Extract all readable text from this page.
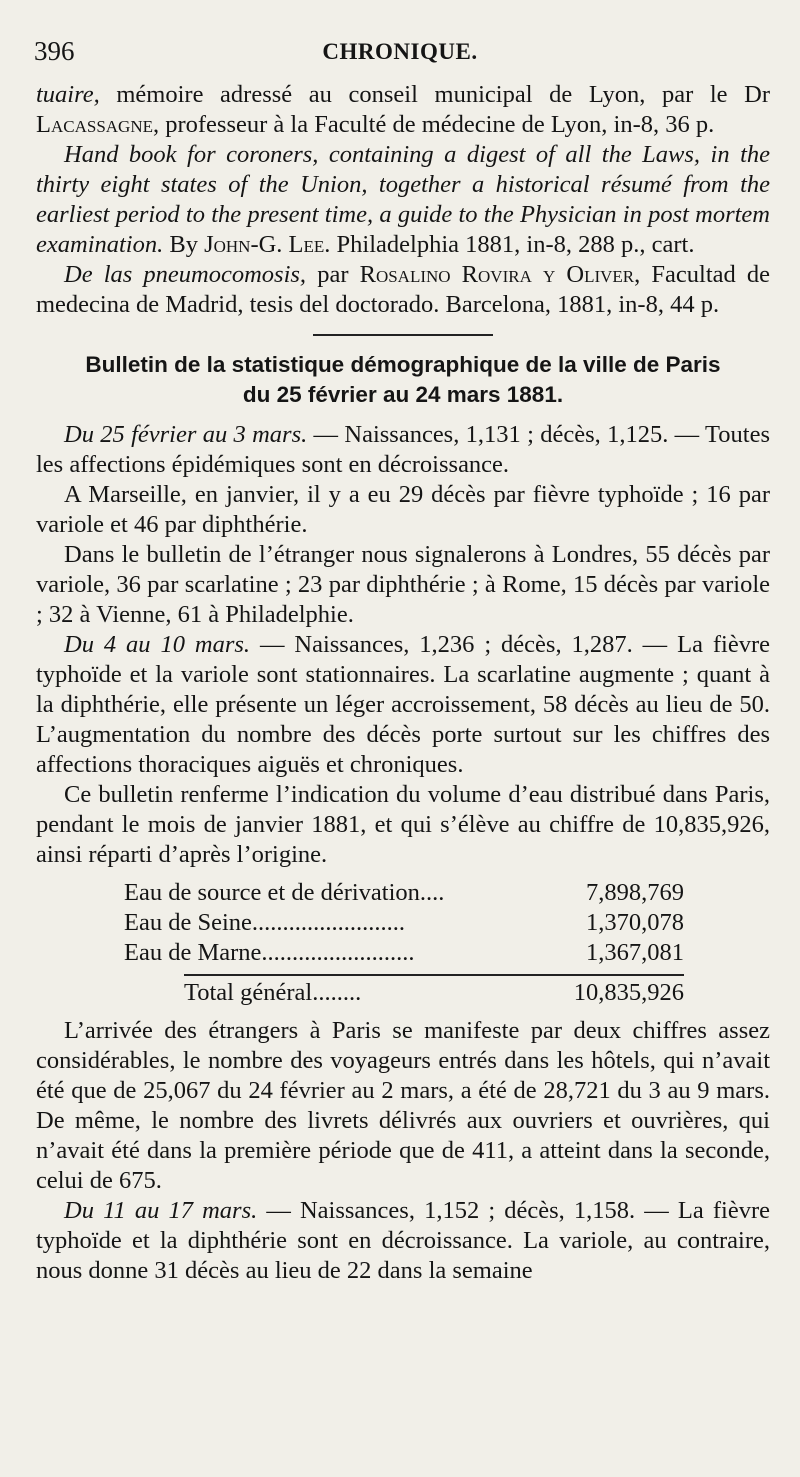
396	CHRONIQUE.

tuaire, mémoire adressé au conseil municipal de Lyon, par le Dr Lacassagne, professeur à la Faculté de médecine de Lyon, in-8, 36 p.

Hand book for coroners, containing a digest of all the Laws, in the thirty eight states of the Union, together a historical résumé from the earliest period to the present time, a guide to the Physician in post mortem examination. By John-G. Lee. Philadelphia 1881, in-8, 288 p., cart.

De las pneumocomosis, par Rosalino Rovira y Oliver, Facultad de medecina de Madrid, tesis del doctorado. Barcelona, 1881, in-8, 44 p.

Bulletin de la statistique démographique de la ville de Paris
du 25 février au 24 mars 1881.

Du 25 février au 3 mars. — Naissances, 1,131 ; décès, 1,125. — Toutes les affections épidémiques sont en décroissance.

A Marseille, en janvier, il y a eu 29 décès par fièvre typhoïde ; 16 par variole et 46 par diphthérie.

Dans le bulletin de l’étranger nous signalerons à Londres, 55 décès par variole, 36 par scarlatine ; 23 par diphthérie ; à Rome, 15 décès par variole ; 32 à Vienne, 61 à Philadelphie.

Du 4 au 10 mars. — Naissances, 1,236 ; décès, 1,287. — La fièvre typhoïde et la variole sont stationnaires. La scarlatine augmente ; quant à la diphthérie, elle présente un léger accroissement, 58 décès au lieu de 50. L’augmentation du nombre des décès porte surtout sur les chiffres des affections thoraciques aiguës et chroniques.

Ce bulletin renferme l’indication du volume d’eau distribué dans Paris, pendant le mois de janvier 1881, et qui s’élève au chiffre de 10,835,926, ainsi réparti d’après l’origine.

Eau de source et de dérivation....	7,898,769
Eau de Seine.........................	1,370,078
Eau de Marne.........................	1,367,081
Total général........	10,835,926

L’arrivée des étrangers à Paris se manifeste par deux chiffres assez considérables, le nombre des voyageurs entrés dans les hôtels, qui n’avait été que de 25,067 du 24 février au 2 mars, a été de 28,721 du 3 au 9 mars. De même, le nombre des livrets délivrés aux ouvriers et ouvrières, qui n’avait été dans la première période que de 411, a atteint dans la seconde, celui de 675.

Du 11 au 17 mars. — Naissances, 1,152 ; décès, 1,158. — La fièvre typhoïde et la diphthérie sont en décroissance. La variole, au contraire, nous donne 31 décès au lieu de 22 dans la semaine
